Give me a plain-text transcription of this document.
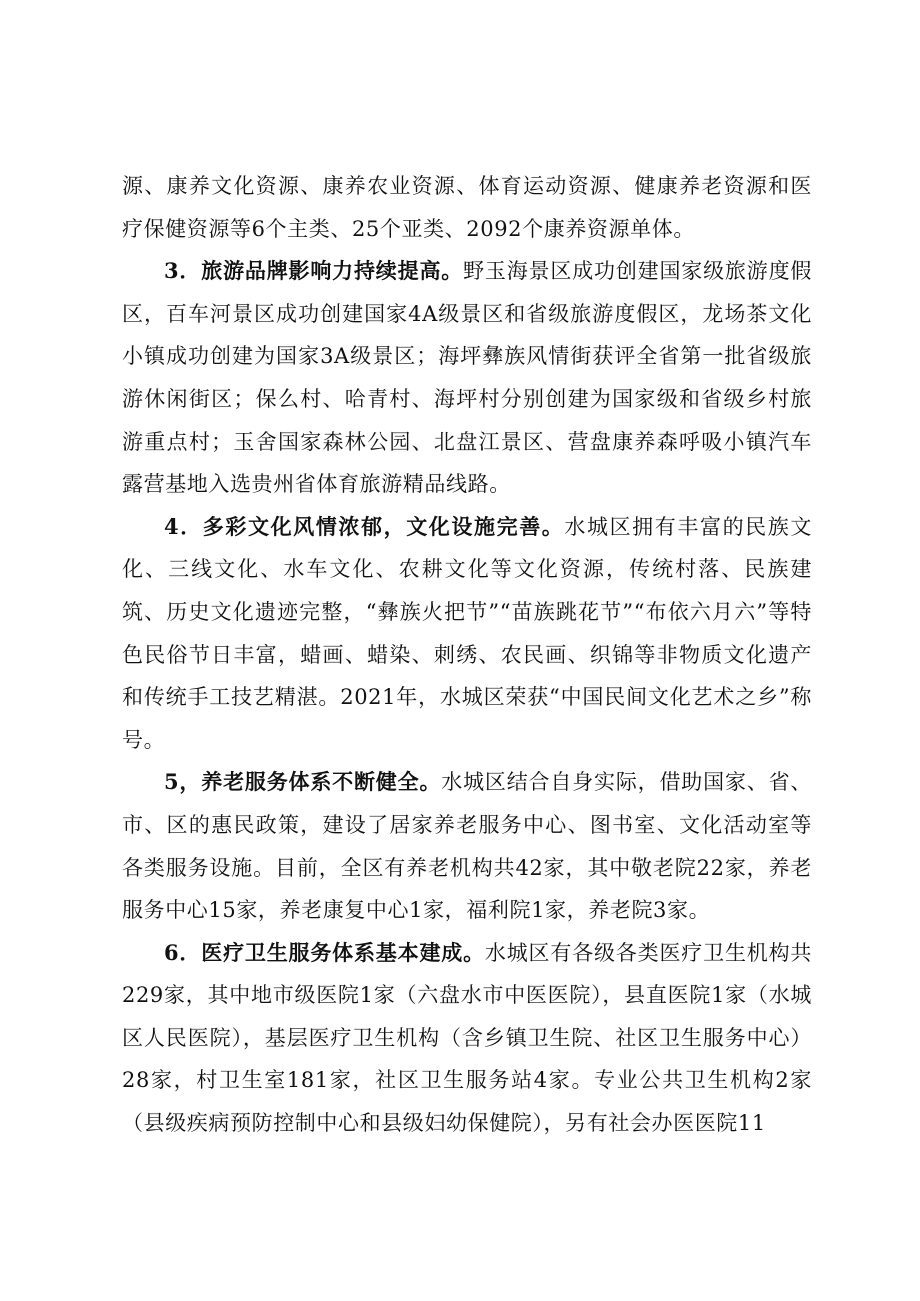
源、康养文化资源、康养农业资源、体育运动资源、健康养老资源和医疗保健资源等6个主类、25个亚类、2092个康养资源单体。

3．旅游品牌影响力持续提高。野玉海景区成功创建国家级旅游度假区，百车河景区成功创建国家4A级景区和省级旅游度假区，龙场茶文化小镇成功创建为国家3A级景区；海坪彝族风情街获评全省第一批省级旅游休闲街区；保么村、哈青村、海坪村分别创建为国家级和省级乡村旅游重点村；玉舍国家森林公园、北盘江景区、营盘康养森呼吸小镇汽车露营基地入选贵州省体育旅游精品线路。

4．多彩文化风情浓郁，文化设施完善。水城区拥有丰富的民族文化、三线文化、水车文化、农耕文化等文化资源，传统村落、民族建筑、历史文化遗迹完整，“彝族火把节”“苗族跳花节”“布依六月六”等特色民俗节日丰富，蜡画、蜡染、刺绣、农民画、织锦等非物质文化遗产和传统手工技艺精湛。2021年，水城区荣获“中国民间文化艺术之乡”称号。

5，养老服务体系不断健全。水城区结合自身实际，借助国家、省、市、区的惠民政策，建设了居家养老服务中心、图书室、文化活动室等各类服务设施。目前，全区有养老机构共42家，其中敬老院22家，养老服务中心15家，养老康复中心1家，福利院1家，养老院3家。

6．医疗卫生服务体系基本建成。水城区有各级各类医疗卫生机构共229家，其中地市级医院1家（六盘水市中医医院），县直医院1家（水城区人民医院），基层医疗卫生机构（含乡镇卫生院、社区卫生服务中心）28家，村卫生室181家，社区卫生服务站4家。专业公共卫生机构2家（县级疾病预防控制中心和县级妇幼保健院），另有社会办医医院11
